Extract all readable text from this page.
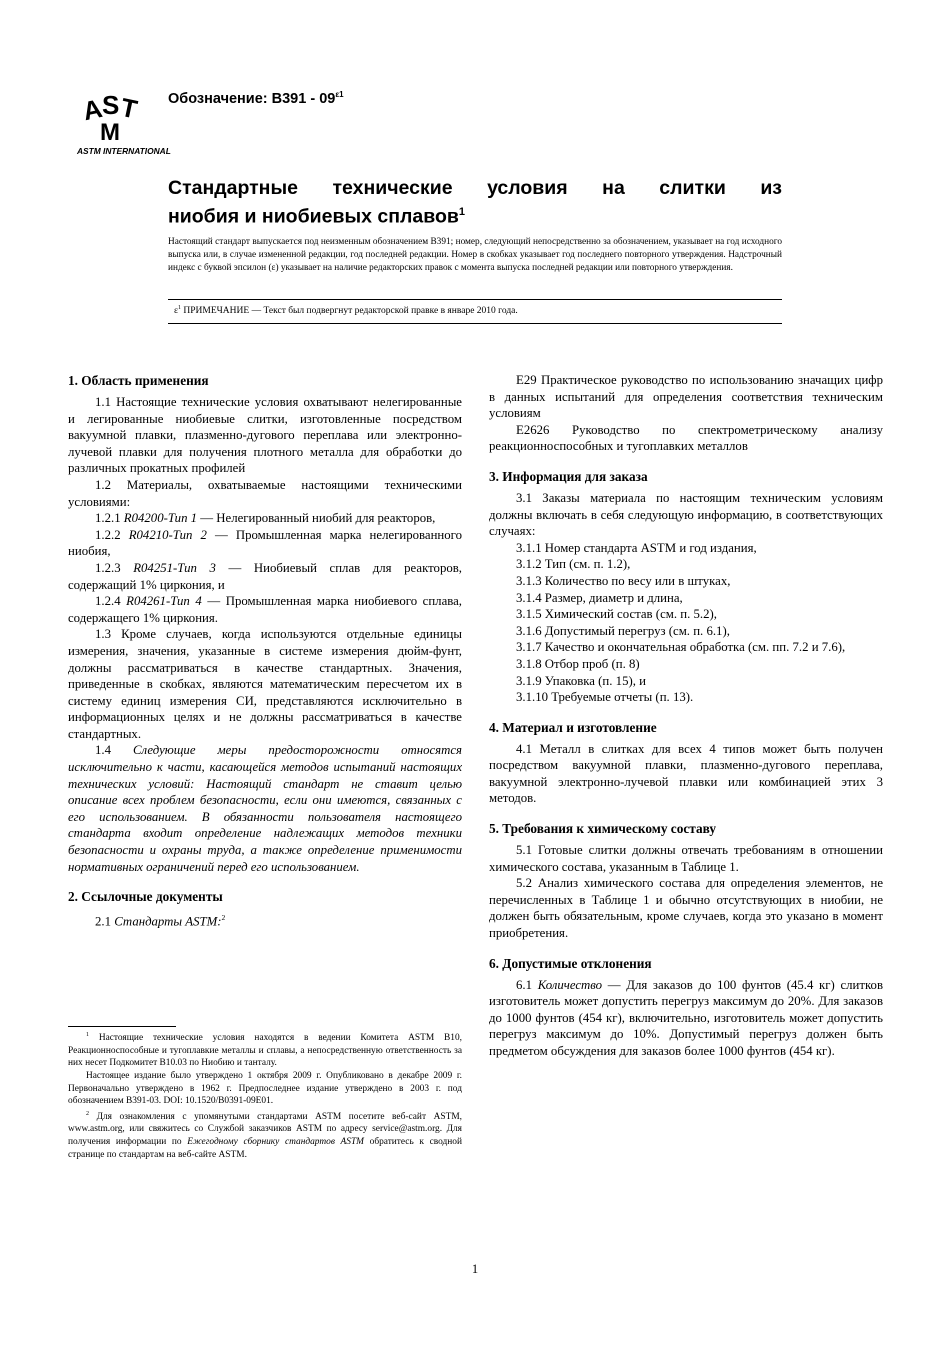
A
S
T
M
ASTM INTERNATIONAL
Обозначение: $B391 - 09^{\varepsilon 1}$
Стандартные технические условия на слитки из
ниобия и ниобиевых сплавов$^1$
Настоящий стандарт выпускается под неизменным обозначением B391; номер, следующий непосредственно за обозначением, указывает на год исходного выпуска или, в случае измененной редакции, год последней редакции. Номер в скобках указывает год последнего повторного утверждения. Надстрочный индекс с буквой эпсилон (ε) указывает на наличие редакторских правок с момента выпуска последней редакции или повторного утверждения.
$\varepsilon^1$ ПРИМЕЧАНИЕ — Текст был подвергнут редакторской правке в январе 2010 года.
1. Область применения

1.1 Настоящие технические условия охватывают нелегированные и легированные ниобиевые слитки, изготовленные посредством вакуумной плавки, плазменно-дугового переплава или электронно-лучевой плавки для получения плотного металла для обработки до различных прокатных профилей

1.2 Материалы, охватываемые настоящими техническими условиями:

1.2.1 R04200-Тип 1 — Нелегированный ниобий для реакторов,

1.2.2 R04210-Тип 2 — Промышленная марка нелегированного ниобия,

1.2.3 R04251-Тип 3 — Ниобиевый сплав для реакторов, содержащий 1% циркония, и

1.2.4 R04261-Тип 4 — Промышленная марка ниобиевого сплава, содержащего 1% циркония.

1.3 Кроме случаев, когда используются отдельные единицы измерения, значения, указанные в системе измерения дюйм-фунт, должны рассматриваться в качестве стандартных. Значения, приведенные в скобках, являются математическим пересчетом их в систему единиц измерения СИ, представляются исключительно в информационных целях и не должны рассматриваться в качестве стандартных.

1.4 Следующие меры предосторожности относятся исключительно к части, касающейся методов испытаний настоящих технических условий: Настоящий стандарт не ставит целью описание всех проблем безопасности, если они имеются, связанных с его использованием. В обязанности пользователя настоящего стандарта входит определение надлежащих методов техники безопасности и охраны труда, а также определение применимости нормативных ограничений перед его использованием.

2. Ссылочные документы

2.1 Стандарты ASTM:$^2$

$^1$ Настоящие технические условия находятся в ведении Комитета ASTM B10, Реакционноспособные и тугоплавкие металлы и сплавы, а непосредственную ответственность за них несет Подкомитет B10.03 по Ниобию и танталу.

Настоящее издание было утверждено 1 октября 2009 г. Опубликовано в декабре 2009 г. Первоначально утверждено в 1962 г. Предпоследнее издание утверждено в 2003 г. под обозначением B391-03. DOI: 10.1520/B0391-09E01.

$^2$ Для ознакомления с упомянутыми стандартами ASTM посетите веб-сайт ASTM, www.astm.org, или свяжитесь со Службой заказчиков ASTM по адресу service@astm.org. Для получения информации по Ежегодному сборнику стандартов ASTM обратитесь к сводной странице по стандартам на веб-сайте ASTM.

E29 Практическое руководство по использованию значащих цифр в данных испытаний для определения соответствия техническим условиям

E2626 Руководство по спектрометрическому анализу реакционноспособных и тугоплавких металлов

3. Информация для заказа

3.1 Заказы материала по настоящим техническим условиям должны включать в себя следующую информацию, в соответствующих случаях:

3.1.1 Номер стандарта ASTM и год издания,

3.1.2 Тип (см. п. 1.2),

3.1.3 Количество по весу или в штуках,

3.1.4 Размер, диаметр и длина,

3.1.5 Химический состав (см. п. 5.2),

3.1.6 Допустимый перегруз (см. п. 6.1),

3.1.7 Качество и окончательная обработка (см. пп. 7.2 и 7.6),

3.1.8 Отбор проб (п. 8)

3.1.9 Упаковка (п. 15), и

3.1.10 Требуемые отчеты (п. 13).

4. Материал и изготовление

4.1 Металл в слитках для всех 4 типов может быть получен посредством вакуумной плавки, плазменно-дугового переплава, вакуумной электронно-лучевой плавки или комбинацией этих 3 методов.

5. Требования к химическому составу

5.1 Готовые слитки должны отвечать требованиям в отношении химического состава, указанным в Таблице 1.

5.2 Анализ химического состава для определения элементов, не перечисленных в Таблице 1 и обычно отсутствующих в ниобии, не должен быть обязательным, кроме случаев, когда это указано в момент приобретения.

6. Допустимые отклонения

6.1 Количество — Для заказов до 100 фунтов (45.4 кг) слитков изготовитель может допустить перегруз максимум до 20%. Для заказов до 1000 фунтов (454 кг), включительно, изготовитель может допустить перегруз максимум до 10%. Допустимый перегруз должен быть предметом обсуждения для заказов более 1000 фунтов (454 кг).

1
